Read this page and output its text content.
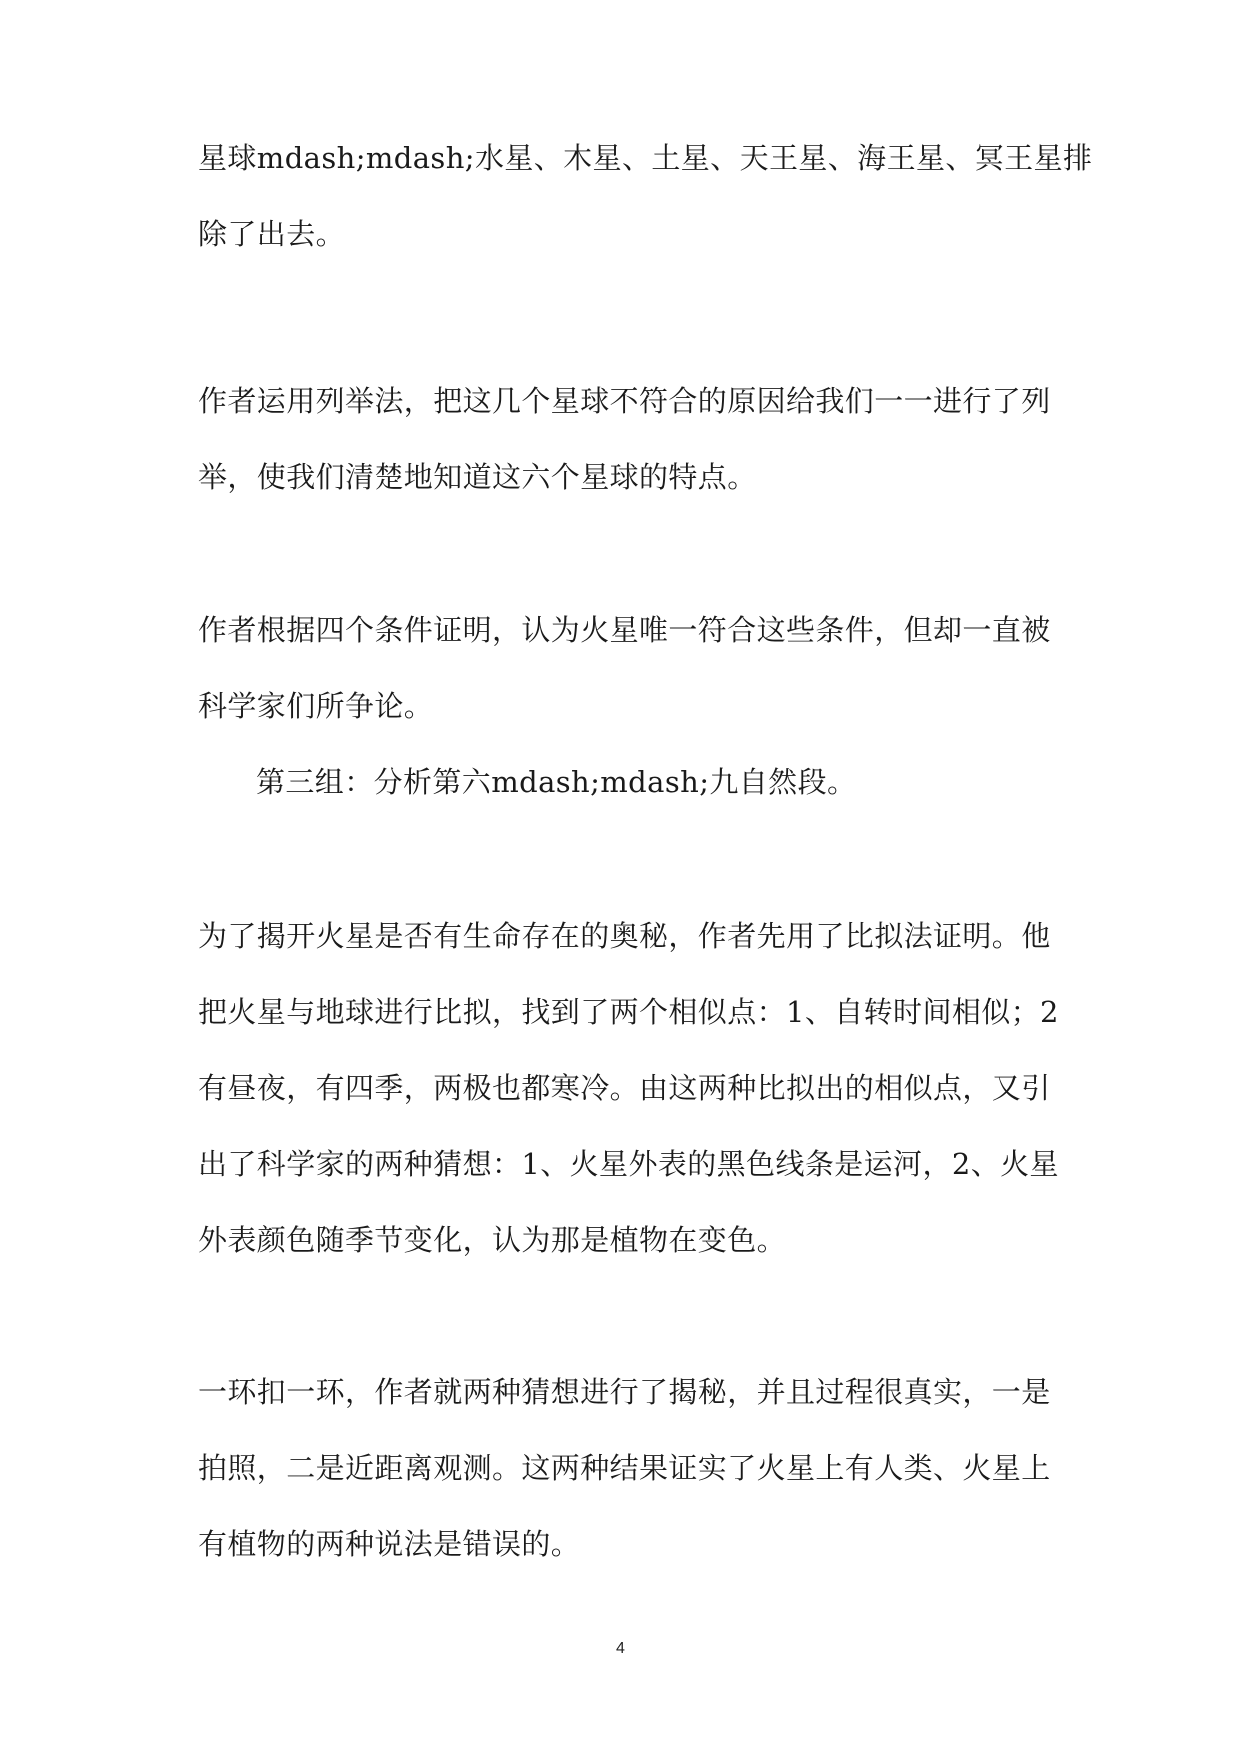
星球mdash;mdash;水星、木星、土星、天王星、海王星、冥王星排
除了出去。
作者运用列举法，把这几个星球不符合的原因给我们一一进行了列
举，使我们清楚地知道这六个星球的特点。
作者根据四个条件证明，认为火星唯一符合这些条件，但却一直被
科学家们所争论。
第三组：分析第六mdash;mdash;九自然段。
为了揭开火星是否有生命存在的奥秘，作者先用了比拟法证明。他
把火星与地球进行比拟，找到了两个相似点：1、自转时间相似；2
有昼夜，有四季，两极也都寒冷。由这两种比拟出的相似点，又引
出了科学家的两种猜想：1、火星外表的黑色线条是运河，2、火星
外表颜色随季节变化，认为那是植物在变色。
一环扣一环，作者就两种猜想进行了揭秘，并且过程很真实，一是
拍照，二是近距离观测。这两种结果证实了火星上有人类、火星上
有植物的两种说法是错误的。
4
